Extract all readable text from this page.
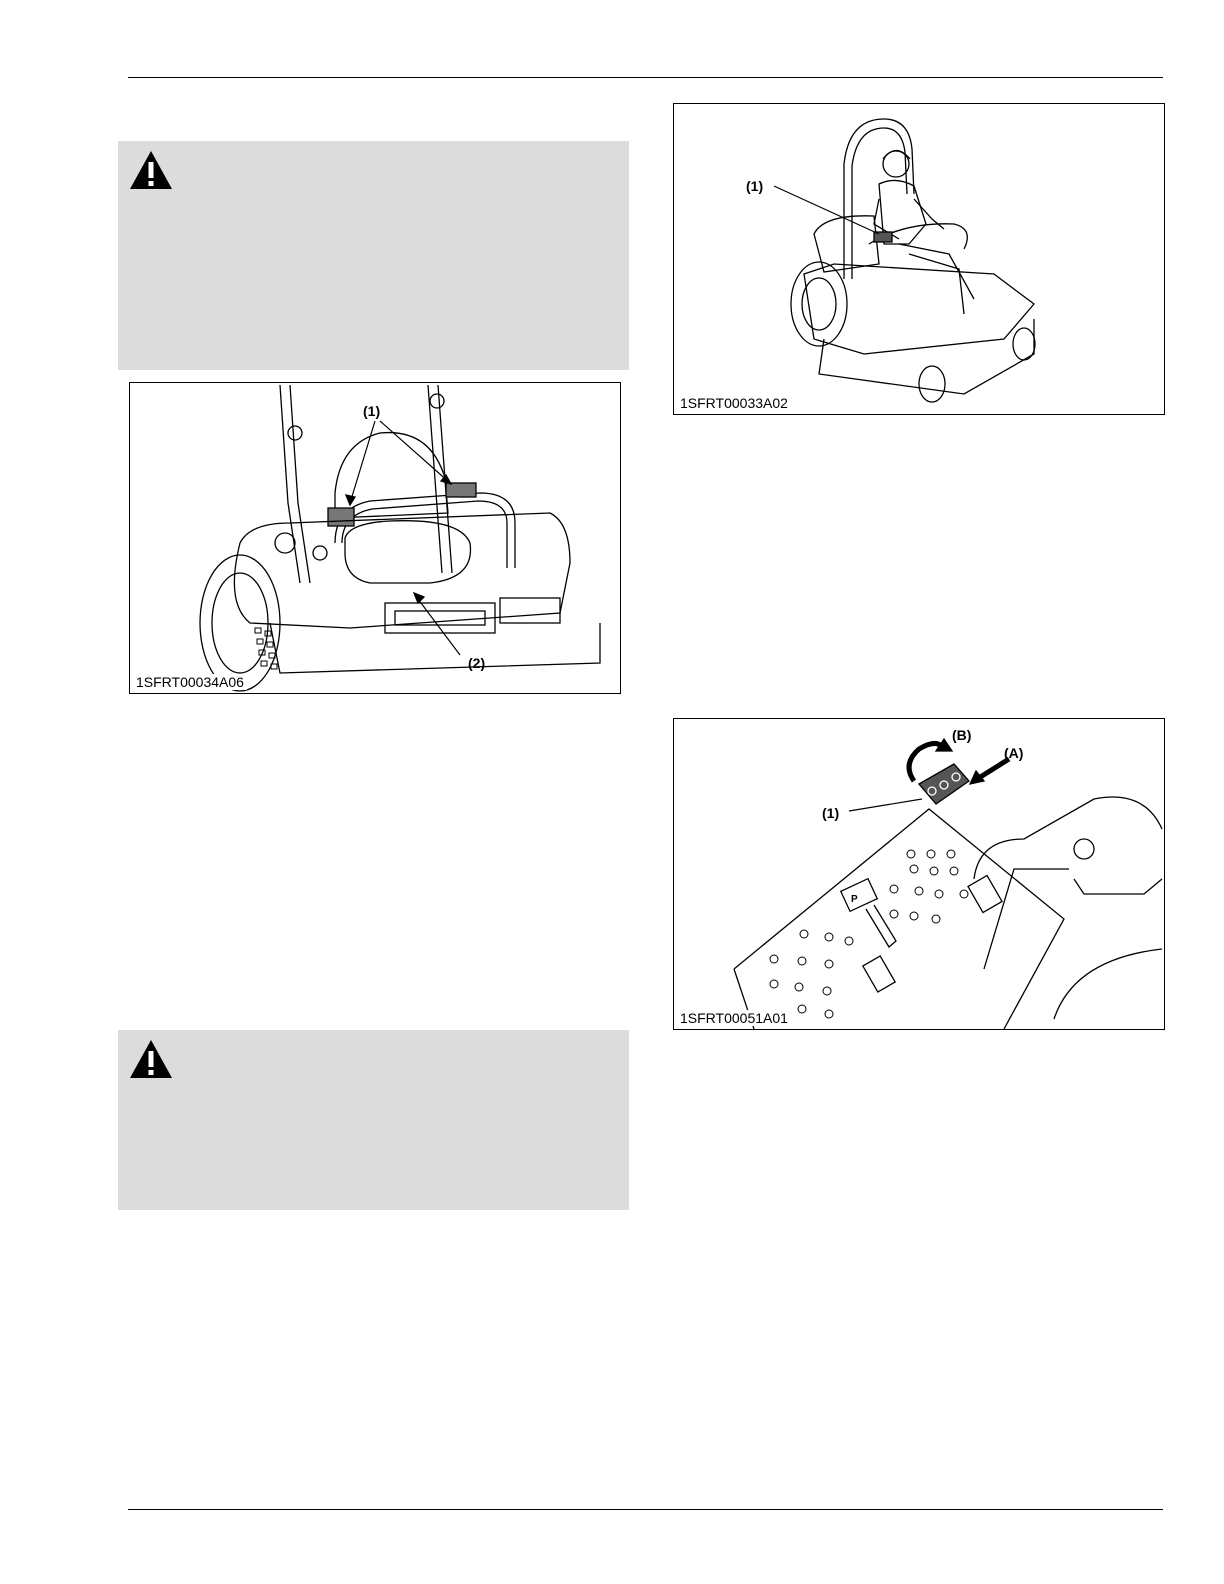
(1)
(2)
1SFRT00034A06
(1)
1SFRT00033A02
P
(B)
(A)
(1)
1SFRT00051A01
